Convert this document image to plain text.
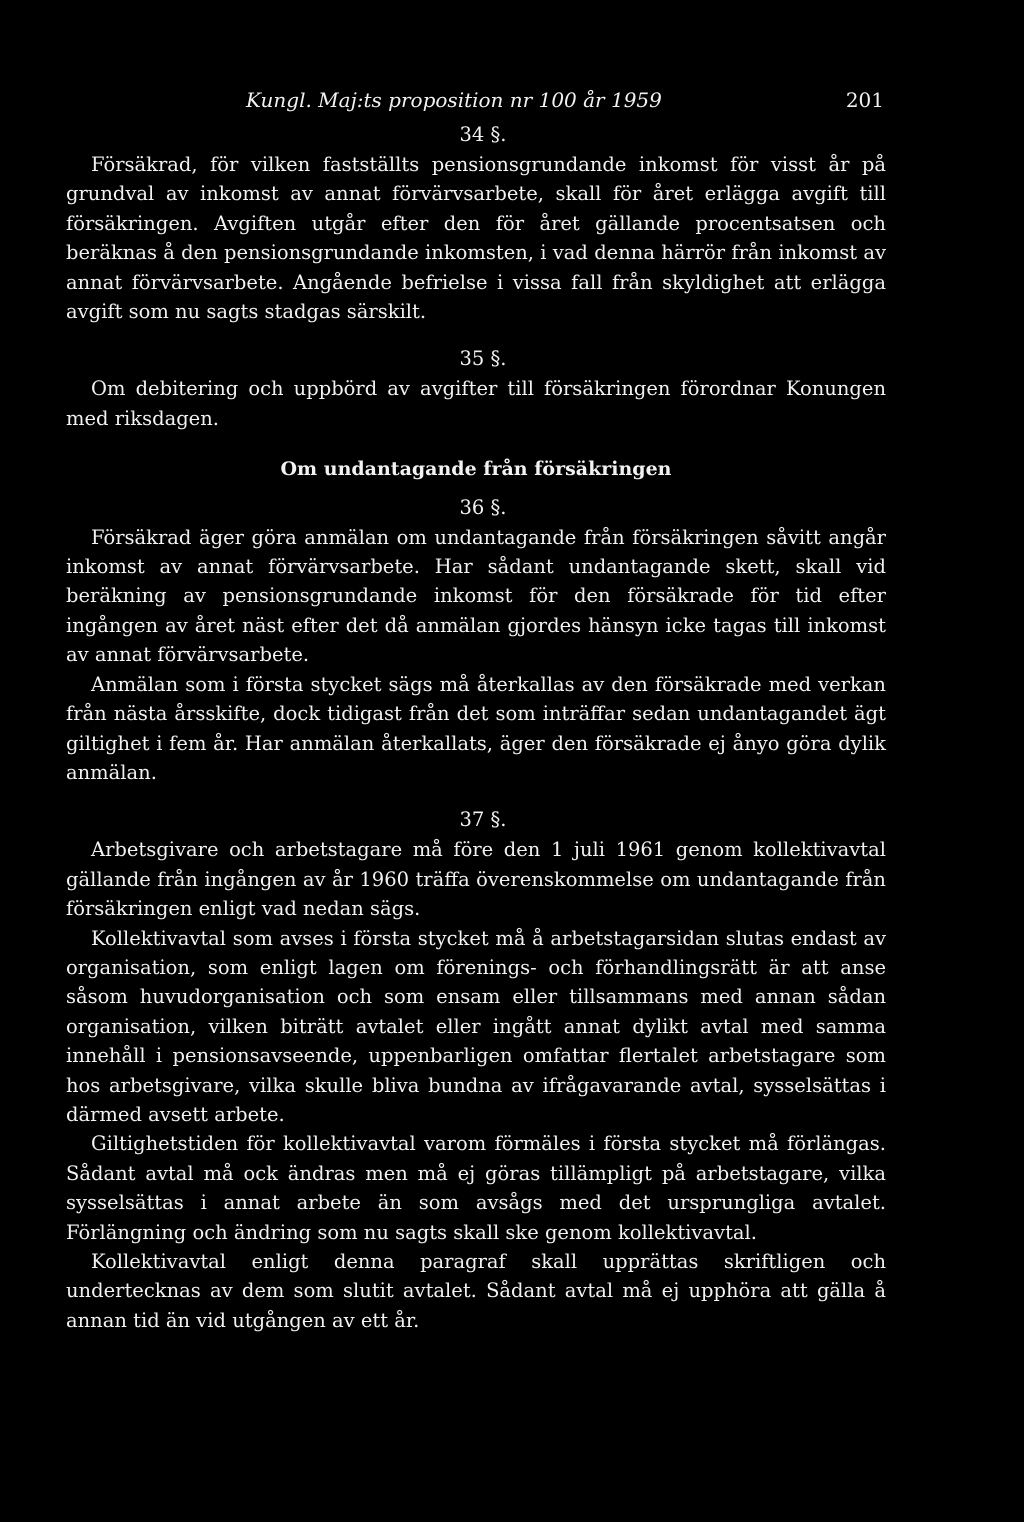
Kungl. Maj:ts proposition nr 100 år 1959	201
34 §.

Försäkrad, för vilken fastställts pensionsgrundande inkomst för visst år på grundval av inkomst av annat förvärvsarbete, skall för året erlägga avgift till försäkringen. Avgiften utgår efter den för året gällande procentsatsen och beräknas å den pensionsgrundande inkomsten, i vad denna härrör från inkomst av annat förvärvsarbete. Angående befrielse i vissa fall från skyldighet att erlägga avgift som nu sagts stadgas särskilt.

35 §.

Om debitering och uppbörd av avgifter till försäkringen förordnar Konungen med riksdagen.

Om undantagande från försäkringen
36 §.

Försäkrad äger göra anmälan om undantagande från försäkringen såvitt angår inkomst av annat förvärvsarbete. Har sådant undantagande skett, skall vid beräkning av pensionsgrundande inkomst för den försäkrade för tid efter ingången av året näst efter det då anmälan gjordes hänsyn icke tagas till inkomst av annat förvärvsarbete.

Anmälan som i första stycket sägs må återkallas av den försäkrade med verkan från nästa årsskifte, dock tidigast från det som inträffar sedan undantagandet ägt giltighet i fem år. Har anmälan återkallats, äger den försäkrade ej ånyo göra dylik anmälan.

37 §.

Arbetsgivare och arbetstagare må före den 1 juli 1961 genom kollektivavtal gällande från ingången av år 1960 träffa överenskommelse om undantagande från försäkringen enligt vad nedan sägs.

Kollektivavtal som avses i första stycket må å arbetstagarsidan slutas endast av organisation, som enligt lagen om förenings- och förhandlingsrätt är att anse såsom huvudorganisation och som ensam eller tillsammans med annan sådan organisation, vilken biträtt avtalet eller ingått annat dylikt avtal med samma innehåll i pensionsavseende, uppenbarligen omfattar flertalet arbetstagare som hos arbetsgivare, vilka skulle bliva bundna av ifrågavarande avtal, sysselsättas i därmed avsett arbete.

Giltighetstiden för kollektivavtal varom förmäles i första stycket må förlängas. Sådant avtal må ock ändras men må ej göras tillämpligt på arbetstagare, vilka sysselsättas i annat arbete än som avsågs med det ursprungliga avtalet. Förlängning och ändring som nu sagts skall ske genom kollektivavtal.

Kollektivavtal enligt denna paragraf skall upprättas skriftligen och undertecknas av dem som slutit avtalet. Sådant avtal må ej upphöra att gälla å annan tid än vid utgången av ett år.
